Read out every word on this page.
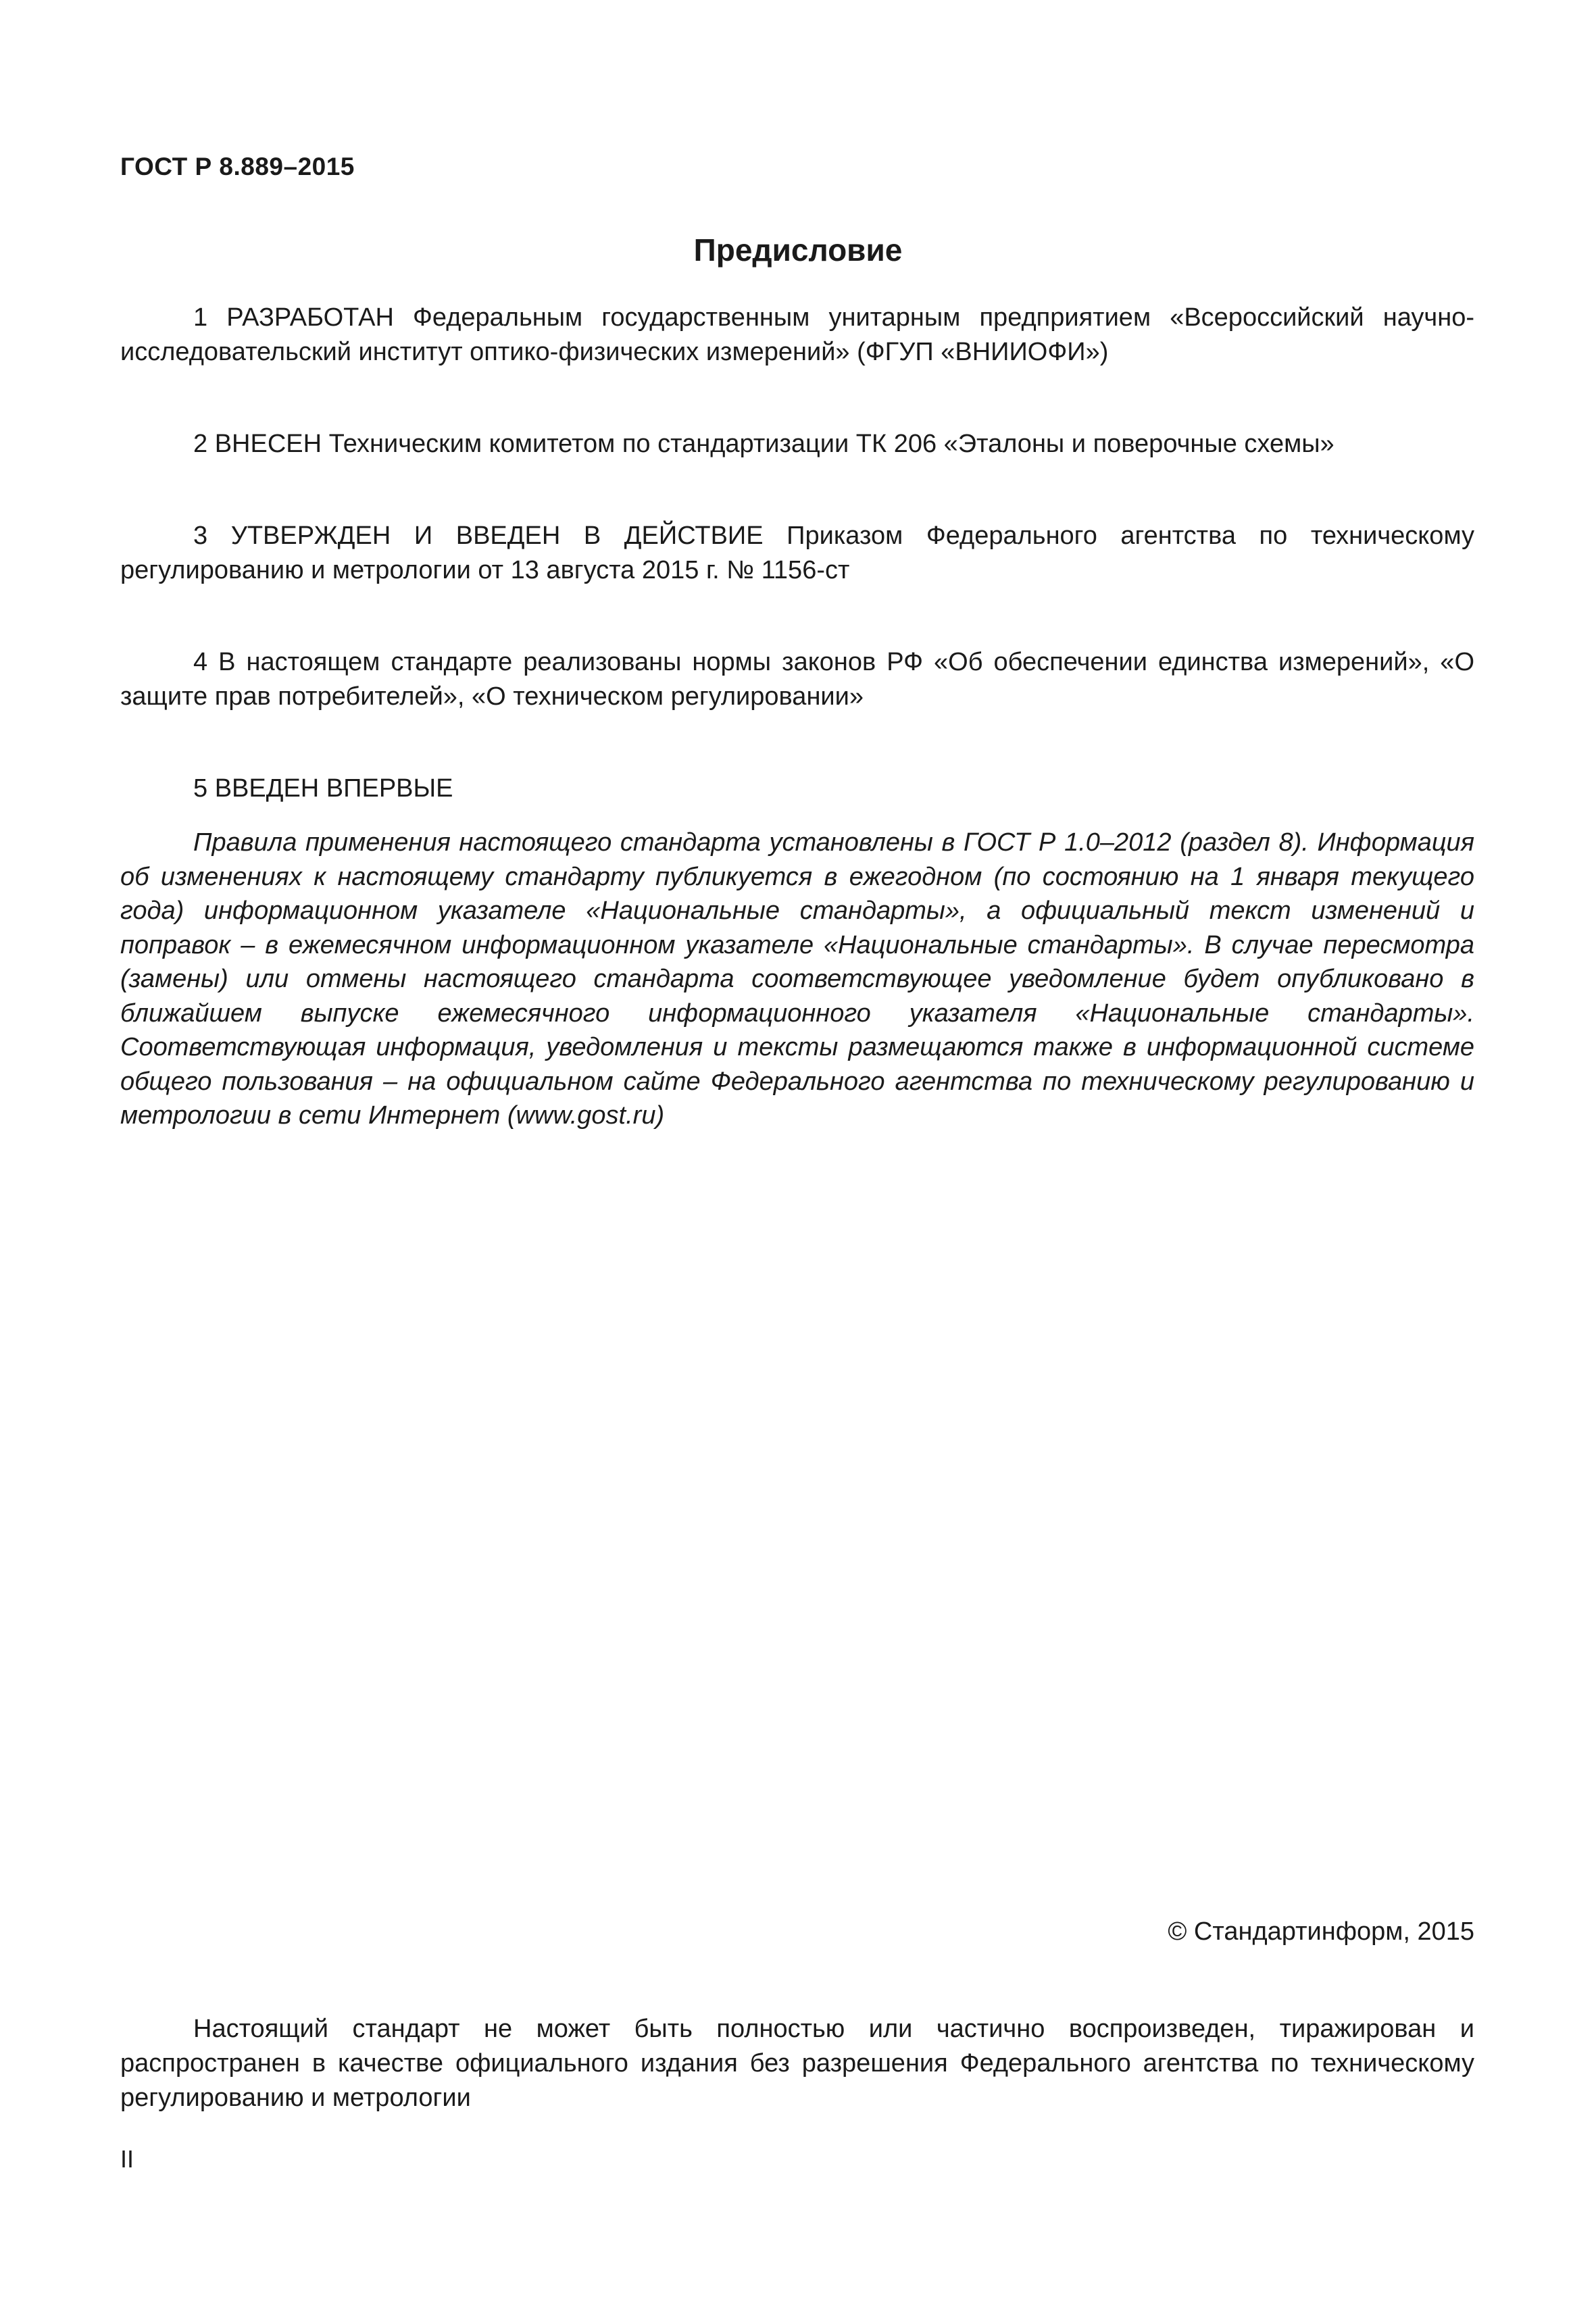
ГОСТ Р 8.889–2015
Предисловие

1 РАЗРАБОТАН Федеральным государственным унитарным предприятием «Всероссийский научно-исследовательский институт оптико-физических измерений» (ФГУП «ВНИИОФИ»)

2 ВНЕСЕН Техническим комитетом по стандартизации ТК 206 «Эталоны и поверочные схемы»

3 УТВЕРЖДЕН И ВВЕДЕН В ДЕЙСТВИЕ Приказом Федерального агентства по техническому регулированию и метрологии от 13 августа 2015 г. № 1156-ст

4 В настоящем стандарте реализованы нормы законов РФ «Об обеспечении единства измерений», «О защите прав потребителей», «О техническом регулировании»

5 ВВЕДЕН ВПЕРВЫЕ

Правила применения настоящего стандарта установлены в ГОСТ Р 1.0–2012 (раздел 8). Информация об изменениях к настоящему стандарту публикуется в ежегодном (по состоянию на 1 января текущего года) информационном указателе «Национальные стандарты», а официальный текст изменений и поправок – в ежемесячном информационном указателе «Национальные стандарты». В случае пересмотра (замены) или отмены настоящего стандарта соответствующее уведомление будет опубликовано в ближайшем выпуске ежемесячного информационного указателя «Национальные стандарты». Соответствующая информация, уведомления и тексты размещаются также в информационной системе общего пользования – на официальном сайте Федерального агентства по техническому регулированию и метрологии в сети Интернет (www.gost.ru)

© Стандартинформ, 2015

Настоящий стандарт не может быть полностью или частично воспроизведен, тиражирован и распространен в качестве официального издания без разрешения Федерального агентства по техническому регулированию и метрологии

II
